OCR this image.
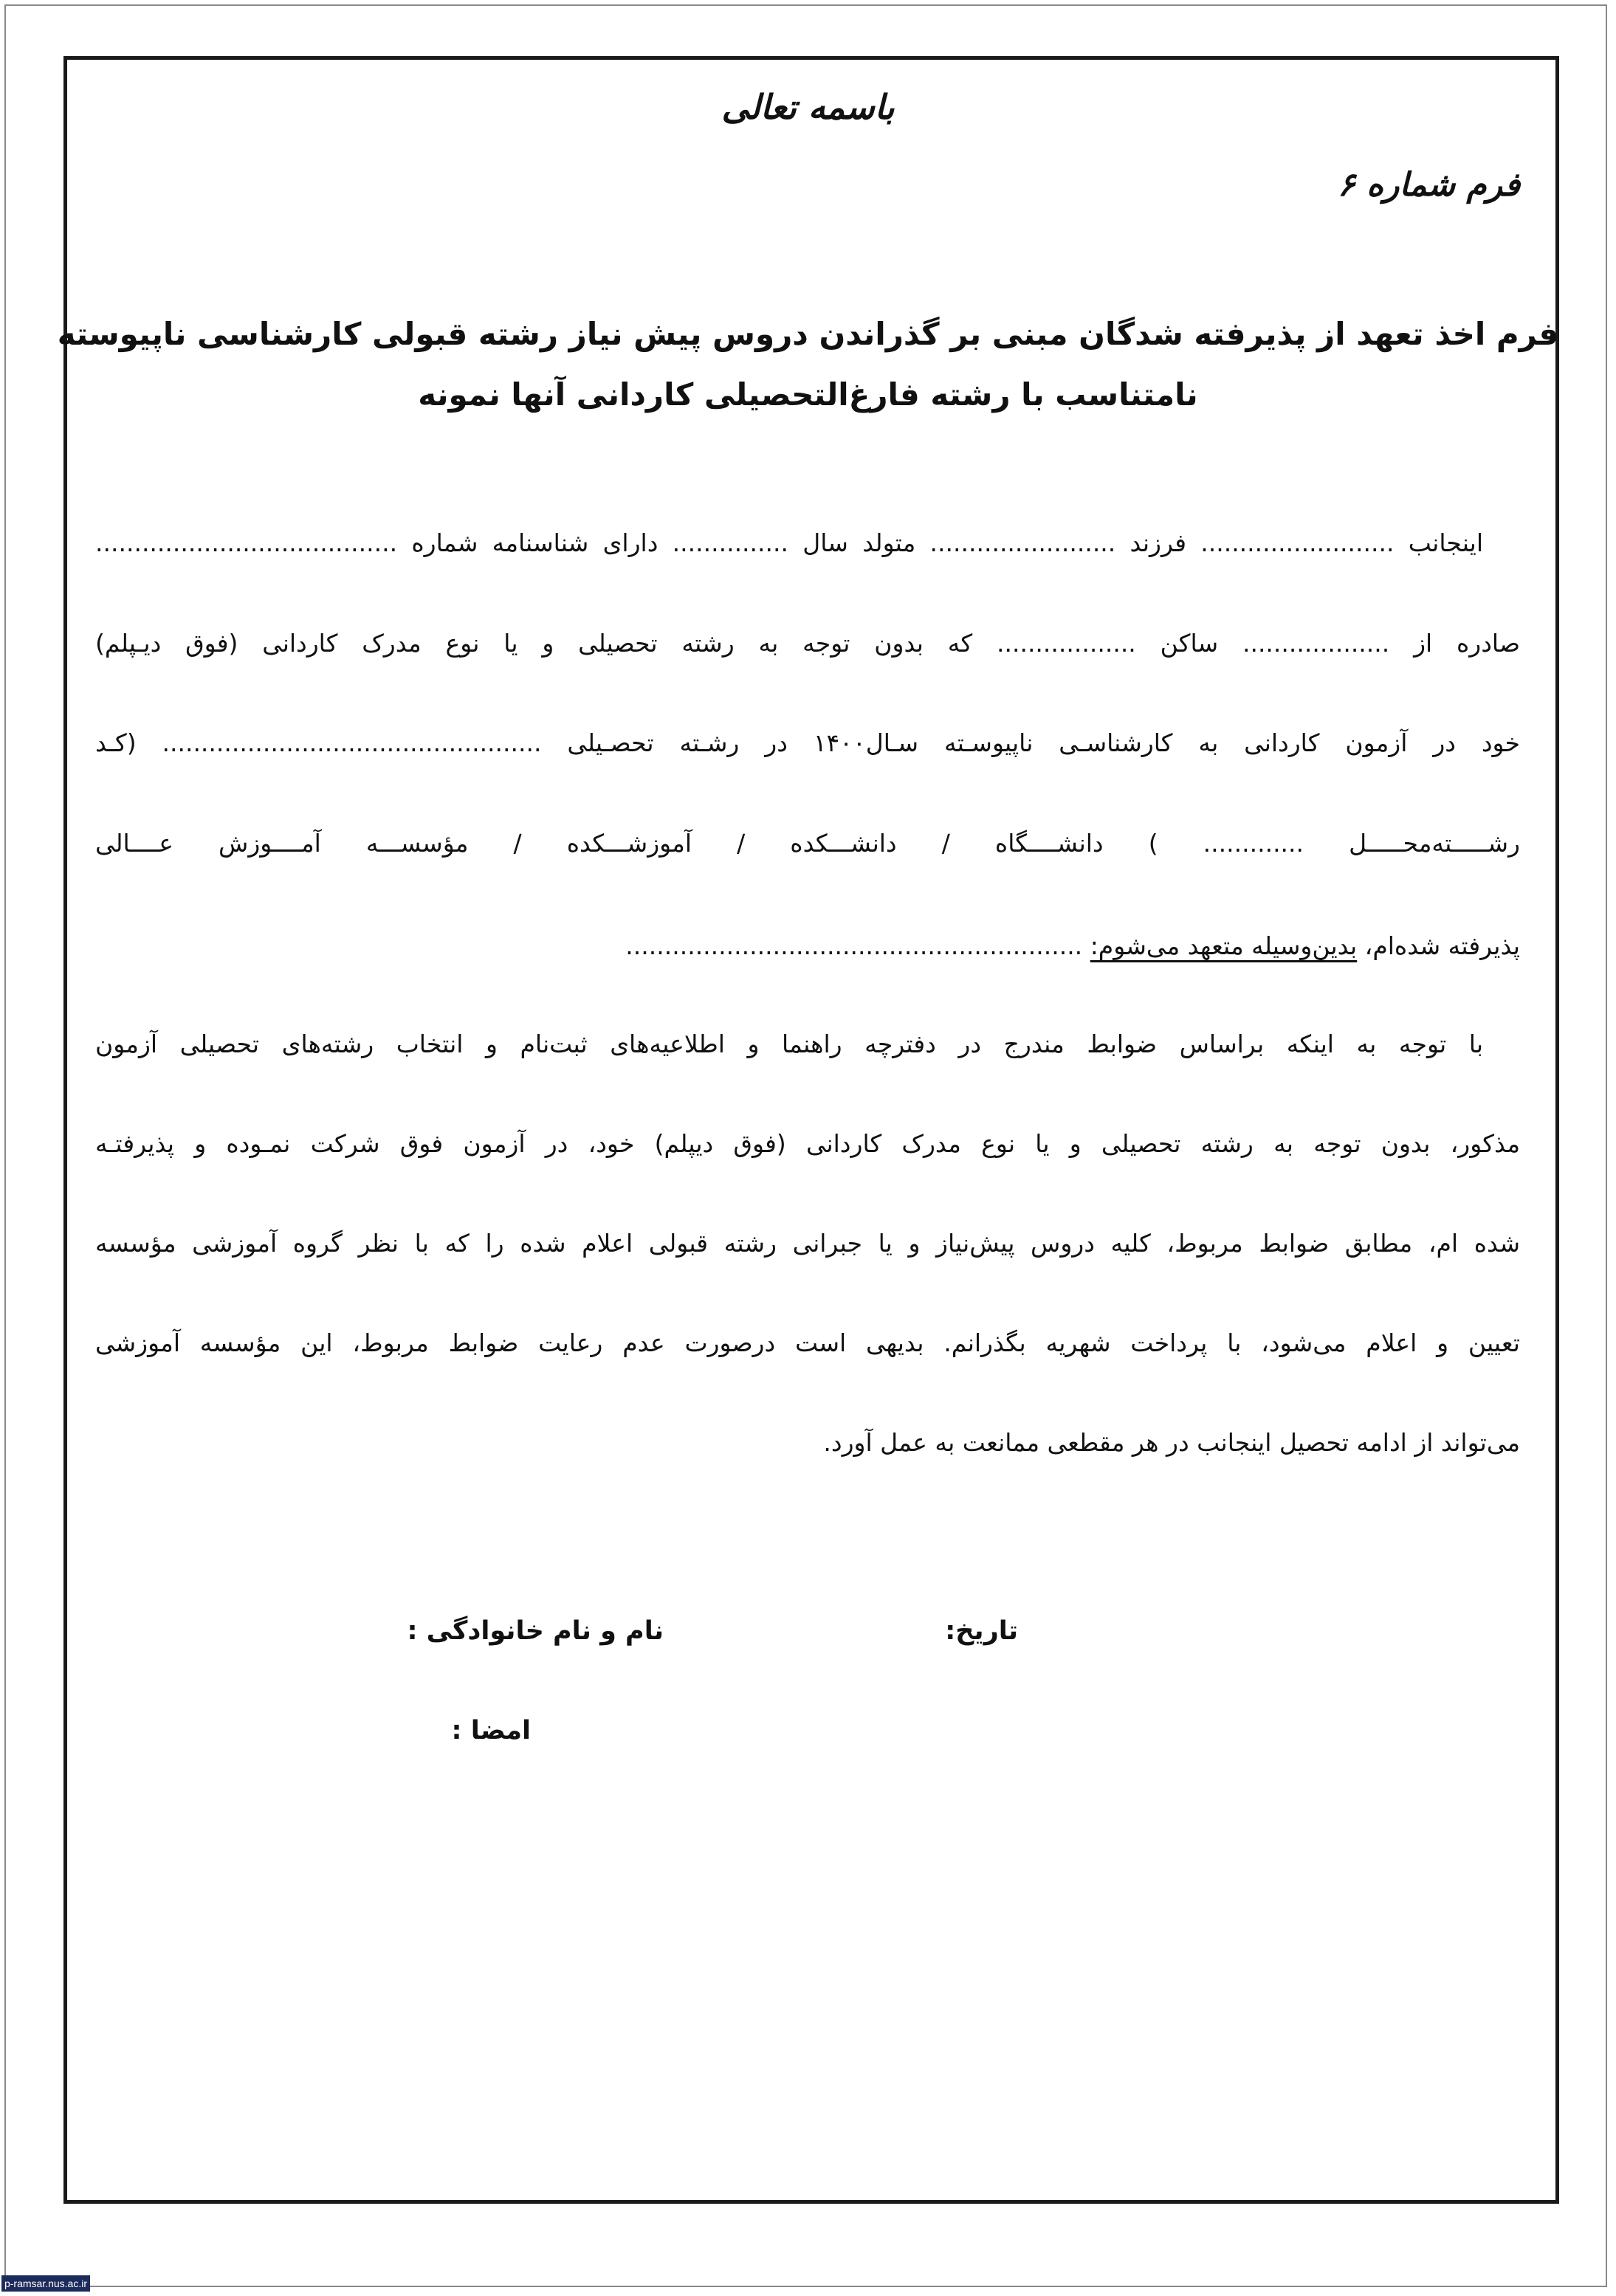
باسمه تعالی
فرم شماره ۶
فرم اخذ تعهد از پذیرفته شدگان مبنی بر گذراندن دروس پیش نیاز رشته قبولی کارشناسی ناپیوسته
نامتناسب با رشته فارغ‌التحصیلی کاردانی آنها نمونه
اینجانب ......................... فرزند ........................ متولد سال ............... دارای شناسنامه شماره .......................................
صادره از ................... ساکن .................. که بدون توجه به رشته تحصیلی و یا نوع مدرک کاردانی (فوق دیـپلم)
خود در آزمون کاردانی به کارشناسـی ناپیوسـته سـال۱۴۰۰ در رشـته تحصـیلی ................................................. (کـد
رشـــــته‌محـــــل ............. ) دانشــــگاه / دانشـــکده / آموزشـــکده / مؤسســـه آمــــوزش عــــالی
پذیرفته شده‌ام، بدین‌وسیله متعهد می‌شوم: ...........................................................
با توجه به اینکه براساس ضوابط مندرج در دفترچه راهنما و اطلاعیه‌های ثبت‌نام و انتخاب رشته‌های تحصیلی آزمون
مذکور، بدون توجه به رشته تحصیلی و یا نوع مدرک کاردانی (فوق دیپلم) خود، در آزمون فوق شرکت نمـوده و پذیرفتـه
شده ام، مطابق ضوابط مربوط، کلیه دروس پیش‌نیاز و یا جبرانی رشته قبولی اعلام شده را که با نظر گروه آموزشی مؤسسه
تعیین و اعلام می‌شود، با پرداخت شهریه بگذرانم. بدیهی است درصورت عدم رعایت ضوابط مربوط، این مؤسسه آموزشی
می‌تواند از ادامه تحصیل اینجانب در هر مقطعی ممانعت به عمل آورد.
تاریخ:
نام و نام خانوادگی :
امضا :
p-ramsar.nus.ac.ir
